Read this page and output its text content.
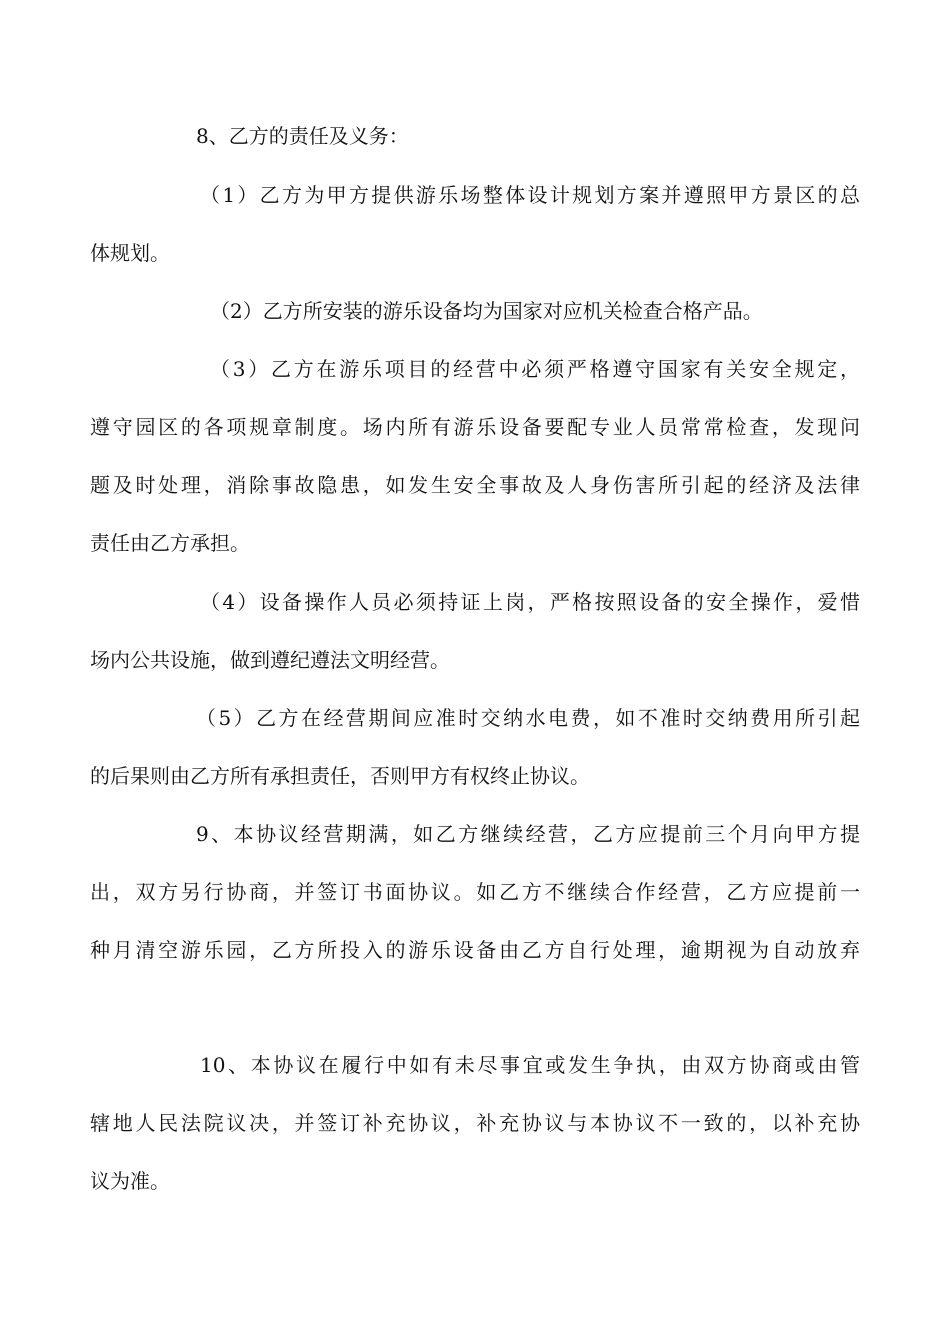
8、乙方的责任及义务：
（1）乙方为甲方提供游乐场整体设计规划方案并遵照甲方景区的总
体规划。
（2）乙方所安装的游乐设备均为国家对应机关检查合格产品。
（3）乙方在游乐项目的经营中必须严格遵守国家有关安全规定，
遵守园区的各项规章制度。场内所有游乐设备要配专业人员常常检查，发现问
题及时处理，消除事故隐患，如发生安全事故及人身伤害所引起的经济及法律
责任由乙方承担。
（4）设备操作人员必须持证上岗，严格按照设备的安全操作，爱惜
场内公共设施，做到遵纪遵法文明经营。
（5）乙方在经营期间应准时交纳水电费，如不准时交纳费用所引起
的后果则由乙方所有承担责任，否则甲方有权终止协议。
9、本协议经营期满，如乙方继续经营，乙方应提前三个月向甲方提
出，双方另行协商，并签订书面协议。如乙方不继续合作经营，乙方应提前一
种月清空游乐园，乙方所投入的游乐设备由乙方自行处理，逾期视为自动放弃
10、本协议在履行中如有未尽事宜或发生争执，由双方协商或由管
辖地人民法院议决，并签订补充协议，补充协议与本协议不一致的，以补充协
议为准。
